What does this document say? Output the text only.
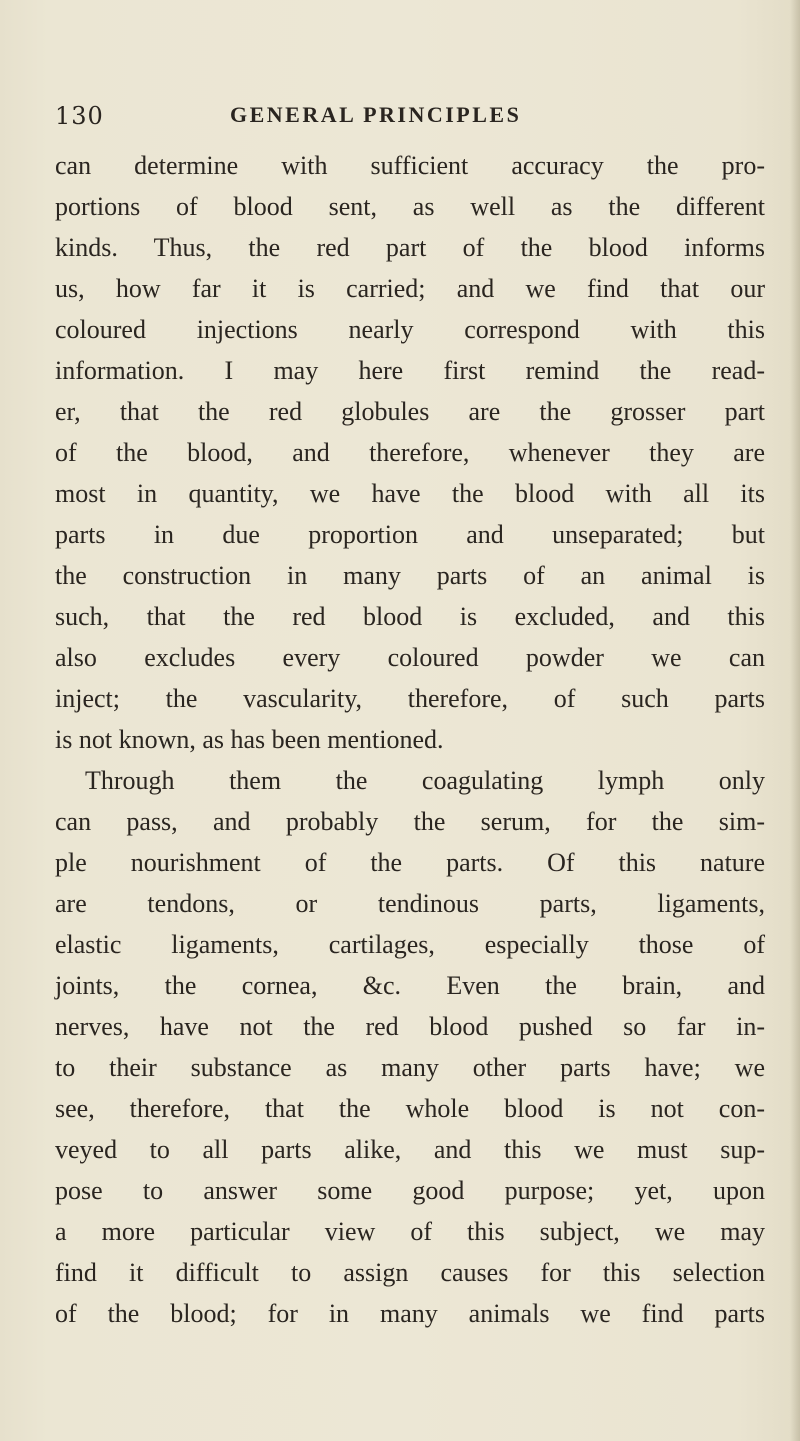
130	GENERAL PRINCIPLES
can determine with sufficient accuracy the pro-
portions of blood sent, as well as the different
kinds. Thus, the red part of the blood informs
us, how far it is carried; and we find that our
coloured injections nearly correspond with this
information. I may here first remind the read-
er, that the red globules are the grosser part
of the blood, and therefore, whenever they are
most in quantity, we have the blood with all its
parts in due proportion and unseparated; but
the construction in many parts of an animal is
such, that the red blood is excluded, and this
also excludes every coloured powder we can
inject; the vascularity, therefore, of such parts
is not known, as has been mentioned.
Through them the coagulating lymph only
can pass, and probably the serum, for the sim-
ple nourishment of the parts. Of this nature
are tendons, or tendinous parts, ligaments,
elastic ligaments, cartilages, especially those of
joints, the cornea, &c. Even the brain, and
nerves, have not the red blood pushed so far in-
to their substance as many other parts have; we
see, therefore, that the whole blood is not con-
veyed to all parts alike, and this we must sup-
pose to answer some good purpose; yet, upon
a more particular view of this subject, we may
find it difficult to assign causes for this selection
of the blood; for in many animals we find parts
